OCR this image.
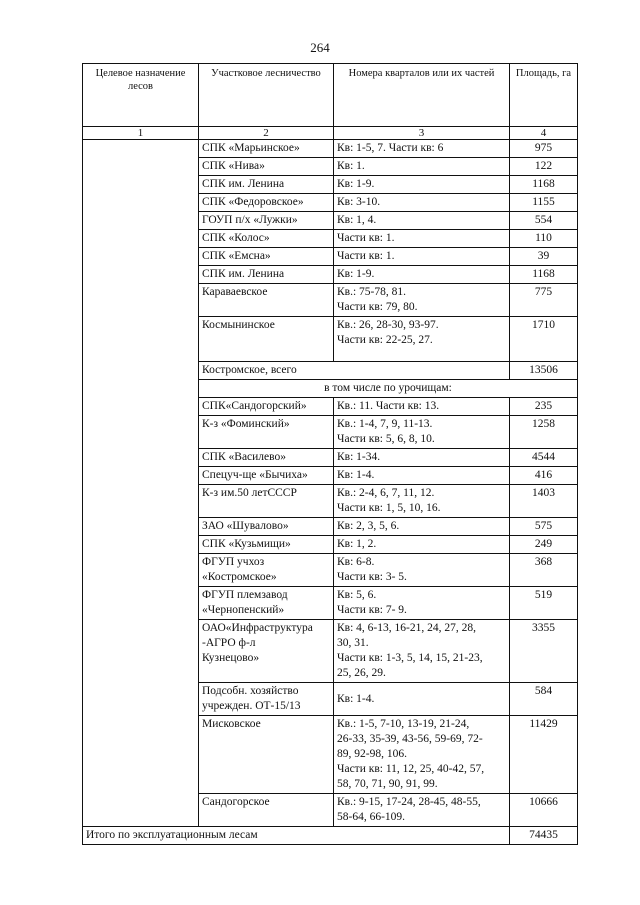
264
Целевое назначение лесов	Участковое лесничество	Номера кварталов или их частей	Площадь, га
1	2	3	4
	СПК «Марьинское»	Кв: 1-5, 7. Части кв: 6	975
	СПК «Нива»	Кв: 1.	122
	СПК им. Ленина	Кв: 1-9.	1168
	СПК «Федоровское»	Кв: 3-10.	1155
	ГОУП п/х «Лужки»	Кв: 1, 4.	554
	СПК «Колос»	Части кв: 1.	110
	СПК «Емсна»	Части кв: 1.	39
	СПК им. Ленина	Кв: 1-9.	1168
	Караваевское	Кв.: 75-78, 81.
Части кв: 79, 80.	775
	Космынинское	Кв.: 26, 28-30, 93-97.
Части кв: 22-25, 27.	1710
	Костромское, всего		13506
	в том числе по урочищам:		
	СПК«Сандогорский»	Кв.: 11. Части кв: 13.	235
	К-з «Фоминский»	Кв.: 1-4, 7, 9, 11-13.
Части кв: 5, 6, 8, 10.	1258
	СПК «Василево»	Кв: 1-34.	4544
	Спецуч-ще «Бычиха»	Кв: 1-4.	416
	К-з им.50 летСССР	Кв.: 2-4, 6, 7, 11, 12.
Части кв: 1, 5, 10, 16.	1403
	ЗАО «Шувалово»	Кв: 2, 3, 5, 6.	575
	СПК «Кузьмищи»	Кв: 1, 2.	249
	ФГУП учхоз
«Костромское»	Кв: 6-8.
Части кв: 3- 5.	368
	ФГУП племзавод
«Чернопенский»	Кв: 5, 6.
Части кв: 7- 9.	519
	ОАО«Инфраструктура
-АГРО ф-л
Кузнецово»	Кв: 4, 6-13, 16-21, 24, 27, 28,
30, 31.
Части кв: 1-3, 5, 14, 15, 21-23,
25, 26, 29.	3355
	Подсобн. хозяйство
учрежден. ОТ-15/13	Кв: 1-4.	584
	Мисковское	Кв.: 1-5, 7-10, 13-19, 21-24,
26-33, 35-39, 43-56, 59-69, 72-
89, 92-98, 106.
Части кв: 11, 12, 25, 40-42, 57,
58, 70, 71, 90, 91, 99.	11429
	Сандогорское	Кв.: 9-15, 17-24, 28-45, 48-55,
58-64, 66-109.	10666
Итого по эксплуатационным лесам			74435
